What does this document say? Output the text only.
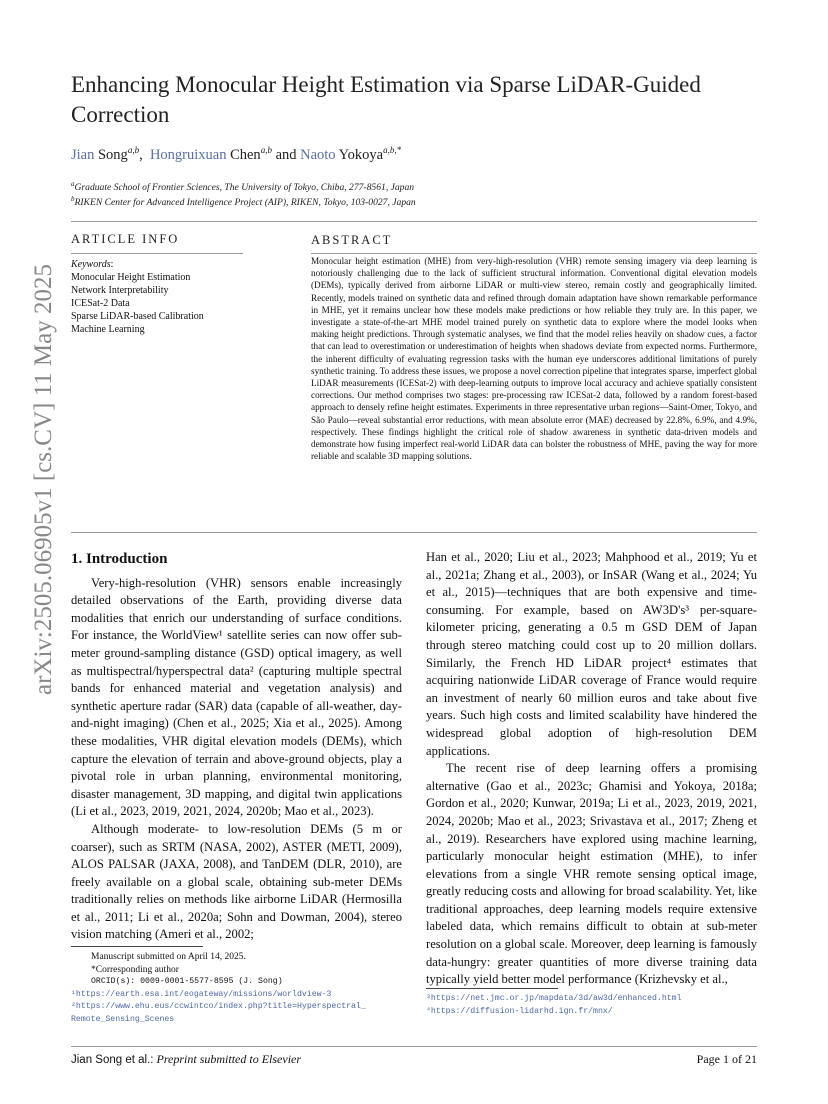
arXiv:2505.06905v1 [cs.CV] 11 May 2025
Enhancing Monocular Height Estimation via Sparse LiDAR-Guided Correction
Jian Song$^{a,b}$,  Hongruixuan Chen$^{a,b}$ and Naoto Yokoya$^{a,b,*}$
$^a$Graduate School of Frontier Sciences, The University of Tokyo, Chiba, 277-8561, Japan
$^b$RIKEN Center for Advanced Intelligence Project (AIP), RIKEN, Tokyo, 103-0027, Japan
ARTICLE INFO
Keywords:
Monocular Height Estimation
Network Interpretability
ICESat-2 Data
Sparse LiDAR-based Calibration
Machine Learning
ABSTRACT
Monocular height estimation (MHE) from very-high-resolution (VHR) remote sensing imagery via deep learning is notoriously challenging due to the lack of sufficient structural information. Conventional digital elevation models (DEMs), typically derived from airborne LiDAR or multi-view stereo, remain costly and geographically limited. Recently, models trained on synthetic data and refined through domain adaptation have shown remarkable performance in MHE, yet it remains unclear how these models make predictions or how reliable they truly are. In this paper, we investigate a state-of-the-art MHE model trained purely on synthetic data to explore where the model looks when making height predictions. Through systematic analyses, we find that the model relies heavily on shadow cues, a factor that can lead to overestimation or underestimation of heights when shadows deviate from expected norms. Furthermore, the inherent difficulty of evaluating regression tasks with the human eye underscores additional limitations of purely synthetic training. To address these issues, we propose a novel correction pipeline that integrates sparse, imperfect global LiDAR measurements (ICESat-2) with deep-learning outputs to improve local accuracy and achieve spatially consistent corrections. Our method comprises two stages: pre-processing raw ICESat-2 data, followed by a random forest-based approach to densely refine height estimates. Experiments in three representative urban regions—Saint-Omer, Tokyo, and São Paulo—reveal substantial error reductions, with mean absolute error (MAE) decreased by 22.8%, 6.9%, and 4.9%, respectively. These findings highlight the critical role of shadow awareness in synthetic data-driven models and demonstrate how fusing imperfect real-world LiDAR data can bolster the robustness of MHE, paving the way for more reliable and scalable 3D mapping solutions.
1. Introduction

Very-high-resolution (VHR) sensors enable increasingly detailed observations of the Earth, providing diverse data modalities that enrich our understanding of surface conditions. For instance, the WorldView¹ satellite series can now offer sub-meter ground-sampling distance (GSD) optical imagery, as well as multispectral/hyperspectral data² (capturing multiple spectral bands for enhanced material and vegetation analysis) and synthetic aperture radar (SAR) data (capable of all-weather, day-and-night imaging) (Chen et al., 2025; Xia et al., 2025). Among these modalities, VHR digital elevation models (DEMs), which capture the elevation of terrain and above-ground objects, play a pivotal role in urban planning, environmental monitoring, disaster management, 3D mapping, and digital twin applications (Li et al., 2023, 2019, 2021, 2024, 2020b; Mao et al., 2023).

Although moderate- to low-resolution DEMs (5 m or coarser), such as SRTM (NASA, 2002), ASTER (METI, 2009), ALOS PALSAR (JAXA, 2008), and TanDEM (DLR, 2010), are freely available on a global scale, obtaining sub-meter DEMs traditionally relies on methods like airborne LiDAR (Hermosilla et al., 2011; Li et al., 2020a; Sohn and Dowman, 2004), stereo vision matching (Ameri et al., 2002;

Han et al., 2020; Liu et al., 2023; Mahphood et al., 2019; Yu et al., 2021a; Zhang et al., 2003), or InSAR (Wang et al., 2024; Yu et al., 2015)—techniques that are both expensive and time-consuming. For example, based on AW3D's³ per-square-kilometer pricing, generating a 0.5 m GSD DEM of Japan through stereo matching could cost up to 20 million dollars. Similarly, the French HD LiDAR project⁴ estimates that acquiring nationwide LiDAR coverage of France would require an investment of nearly 60 million euros and take about five years. Such high costs and limited scalability have hindered the widespread global adoption of high-resolution DEM applications.

The recent rise of deep learning offers a promising alternative (Gao et al., 2023c; Ghamisi and Yokoya, 2018a; Gordon et al., 2020; Kunwar, 2019a; Li et al., 2023, 2019, 2021, 2024, 2020b; Mao et al., 2023; Srivastava et al., 2017; Zheng et al., 2019). Researchers have explored using machine learning, particularly monocular height estimation (MHE), to infer elevations from a single VHR remote sensing optical image, greatly reducing costs and allowing for broad scalability. Yet, like traditional approaches, deep learning models require extensive labeled data, which remains difficult to obtain at sub-meter resolution on a global scale. Moreover, deep learning is famously data-hungry: greater quantities of more diverse training data typically yield better model performance (Krizhevsky et al.,

Manuscript submitted on April 14, 2025.
*Corresponding author
ORCID(s): 0009-0001-5577-8595 (J. Song)
¹https://earth.esa.int/eogateway/missions/worldview-3
²https://www.ehu.eus/ccwintco/index.php?title=Hyperspectral_
Remote_Sensing_Scenes
³https://net.jmc.or.jp/mapdata/3d/aw3d/enhanced.html
⁴https://diffusion-lidarhd.ign.fr/mnx/
Jian Song et al.: Preprint submitted to Elsevier	Page 1 of 21
